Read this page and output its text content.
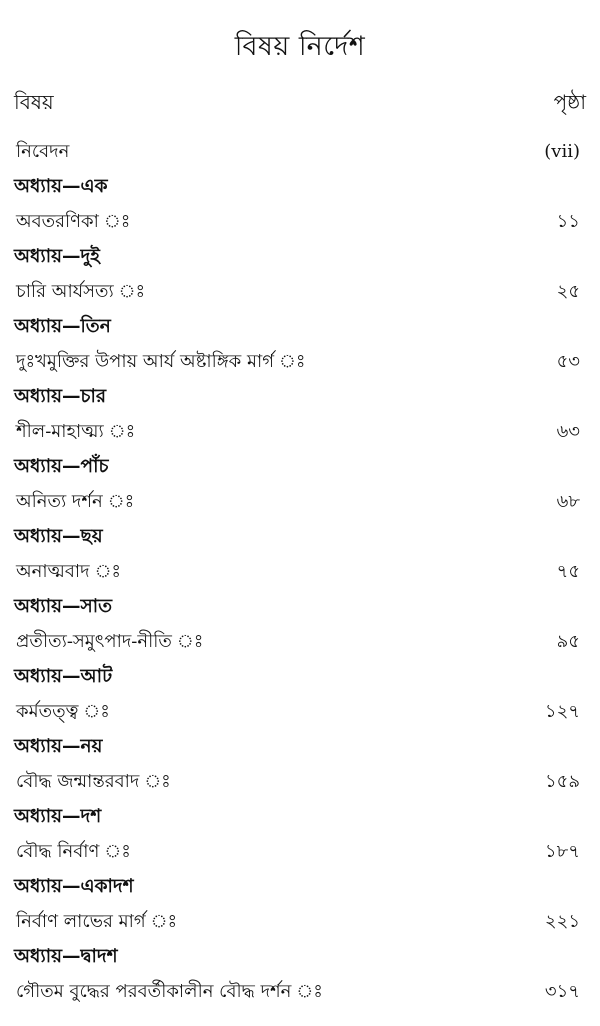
বিষয় নির্দেশ
বিষয়	পৃষ্ঠা
নিবেদন	(vii)
অধ্যায়—এক
অবতরণিকা ঃ	১১
অধ্যায়—দুই
চারি আর্যসত্য ঃ	২৫
অধ্যায়—তিন
দুঃখমুক্তির উপায় আর্য অষ্টাঙ্গিক মার্গ ঃ	৫৩
অধ্যায়—চার
শীল-মাহাত্ম্য ঃ	৬৩
অধ্যায়—পাঁচ
অনিত্য দর্শন ঃ	৬৮
অধ্যায়—ছয়
অনাত্মবাদ ঃ	৭৫
অধ্যায়—সাত
প্রতীত্য-সমুৎপাদ-নীতি ঃ	৯৫
অধ্যায়—আট
কর্মতত্ত্ব ঃ	১২৭
অধ্যায়—নয়
বৌদ্ধ জন্মান্তরবাদ ঃ	১৫৯
অধ্যায়—দশ
বৌদ্ধ নির্বাণ ঃ	১৮৭
অধ্যায়—একাদশ
নির্বাণ লাভের মার্গ ঃ	২২১
অধ্যায়—দ্বাদশ
গৌতম বুদ্ধের পরবর্তীকালীন বৌদ্ধ দর্শন ঃ	৩১৭
